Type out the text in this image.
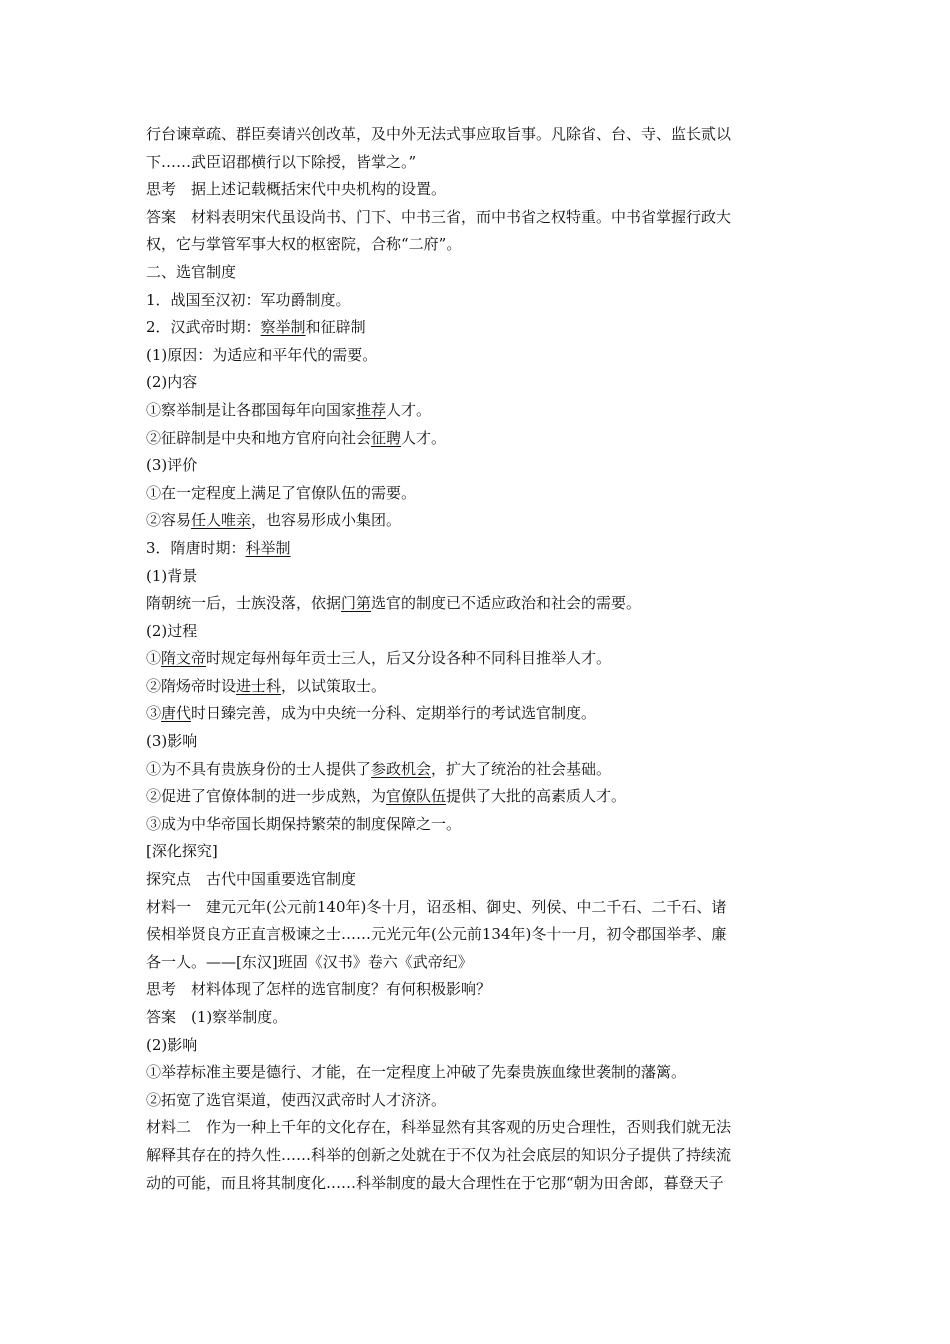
行台谏章疏、群臣奏请兴创改革，及中外无法式事应取旨事。凡除省、台、寺、监长贰以
下……武臣诏郡横行以下除授，皆掌之。”
思考　据上述记载概括宋代中央机构的设置。
答案　材料表明宋代虽设尚书、门下、中书三省，而中书省之权特重。中书省掌握行政大
权，它与掌管军事大权的枢密院，合称“二府”。
二、选官制度
1．战国至汉初：军功爵制度。
2．汉武帝时期：察举制和征辟制
(1)原因：为适应和平年代的需要。
(2)内容
①察举制是让各郡国每年向国家推荐人才。
②征辟制是中央和地方官府向社会征聘人才。
(3)评价
①在一定程度上满足了官僚队伍的需要。
②容易任人唯亲，也容易形成小集团。
3．隋唐时期：科举制
(1)背景
隋朝统一后，士族没落，依据门第选官的制度已不适应政治和社会的需要。
(2)过程
①隋文帝时规定每州每年贡士三人，后又分设各种不同科目推举人才。
②隋炀帝时设进士科，以试策取士。
③唐代时日臻完善，成为中央统一分科、定期举行的考试选官制度。
(3)影响
①为不具有贵族身份的士人提供了参政机会，扩大了统治的社会基础。
②促进了官僚体制的进一步成熟，为官僚队伍提供了大批的高素质人才。
③成为中华帝国长期保持繁荣的制度保障之一。
[深化探究]
探究点　古代中国重要选官制度
材料一　建元元年(公元前140年)冬十月，诏丞相、御史、列侯、中二千石、二千石、诸
侯相举贤良方正直言极谏之士……元光元年(公元前134年)冬十一月，初令郡国举孝、廉
各一人。——[东汉]班固《汉书》卷六《武帝纪》
思考　材料体现了怎样的选官制度？有何积极影响？
答案　(1)察举制度。
(2)影响
①举荐标准主要是德行、才能，在一定程度上冲破了先秦贵族血缘世袭制的藩篱。
②拓宽了选官渠道，使西汉武帝时人才济济。
材料二　作为一种上千年的文化存在，科举显然有其客观的历史合理性，否则我们就无法
解释其存在的持久性……科举的创新之处就在于不仅为社会底层的知识分子提供了持续流
动的可能，而且将其制度化……科举制度的最大合理性在于它那“朝为田舍郎，暮登天子
